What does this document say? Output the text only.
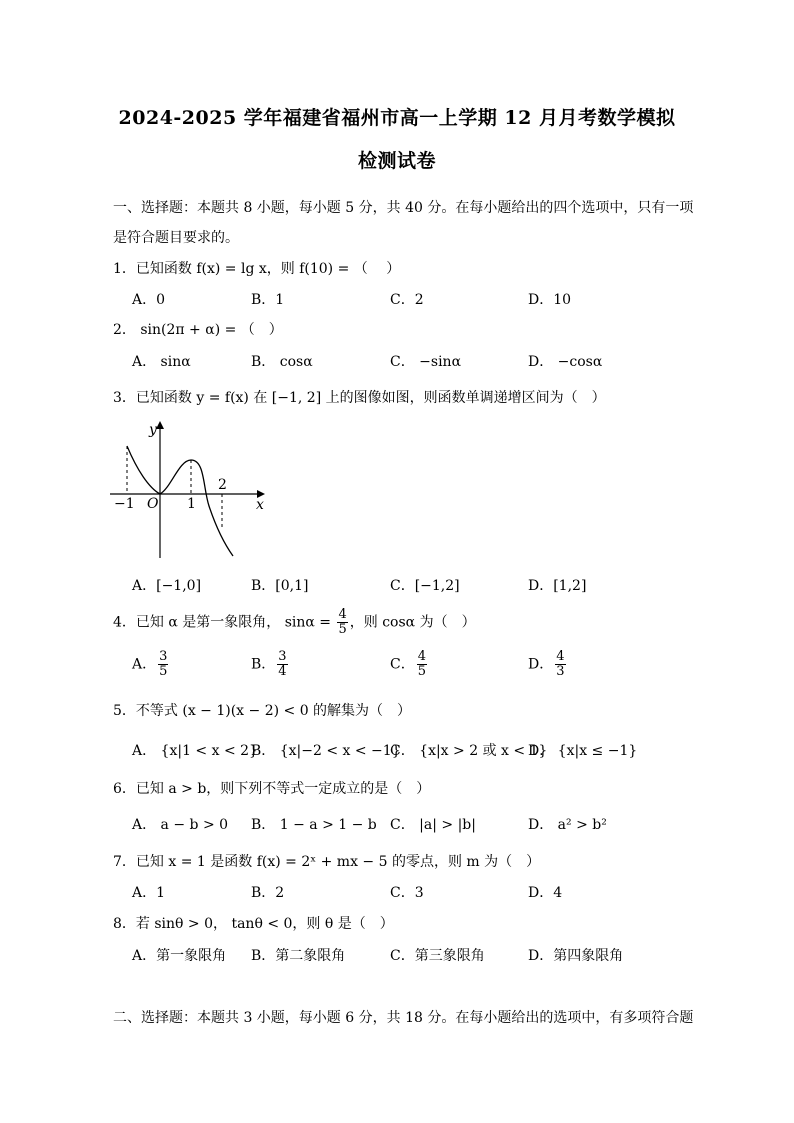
2024-2025 学年福建省福州市高一上学期 12 月月考数学模拟
检测试卷
一、选择题：本题共 8 小题，每小题 5 分，共 40 分。在每小题给出的四个选项中，只有一项
是符合题目要求的。
1．已知函数 f(x) = lg x，则 f(10) = （　 ）
A．0	B．1	C．2	D．10
2． sin(2π + α) = （　）
A． sinα	B． cosα	C． −sinα	D． −cosα
3．已知函数 y = f(x) 在 [−1, 2] 上的图像如图，则函数单调递增区间为（　）
y
x
O
−1	1
2
A．[−1,0]	B．[0,1]	C．[−1,2]	D．[1,2]
4．已知 α 是第一象限角， $\sin\alpha = \frac{4}{5}$ ，则 cosα 为（　）
A． $\frac{3}{5}$	B． $\frac{3}{4}$	C． $\frac{4}{5}$	D． $\frac{4}{3}$
5．不等式 (x − 1)(x − 2) < 0 的解集为（　）
A． {x|1 < x < 2}
B． {x|−2 < x < −1}
C． {x|x > 2 或 x < 1}
D． {x|x ≤ −1}
6．已知 a > b，则下列不等式一定成立的是（　）
A． a − b > 0 B． 1 − a > 1 − b C． |a| > |b|	D． a² > b²
7．已知 x = 1 是函数 f(x) = 2ˣ + mx − 5 的零点，则 m 为（　）
A．1	B．2	C．3	D．4
8．若 sinθ > 0， tanθ < 0，则 θ 是（　）
A．第一象限角 B．第二象限角	C．第三象限角	D．第四象限角
二、选择题：本题共 3 小题，每小题 6 分，共 18 分。在每小题给出的选项中，有多项符合题
